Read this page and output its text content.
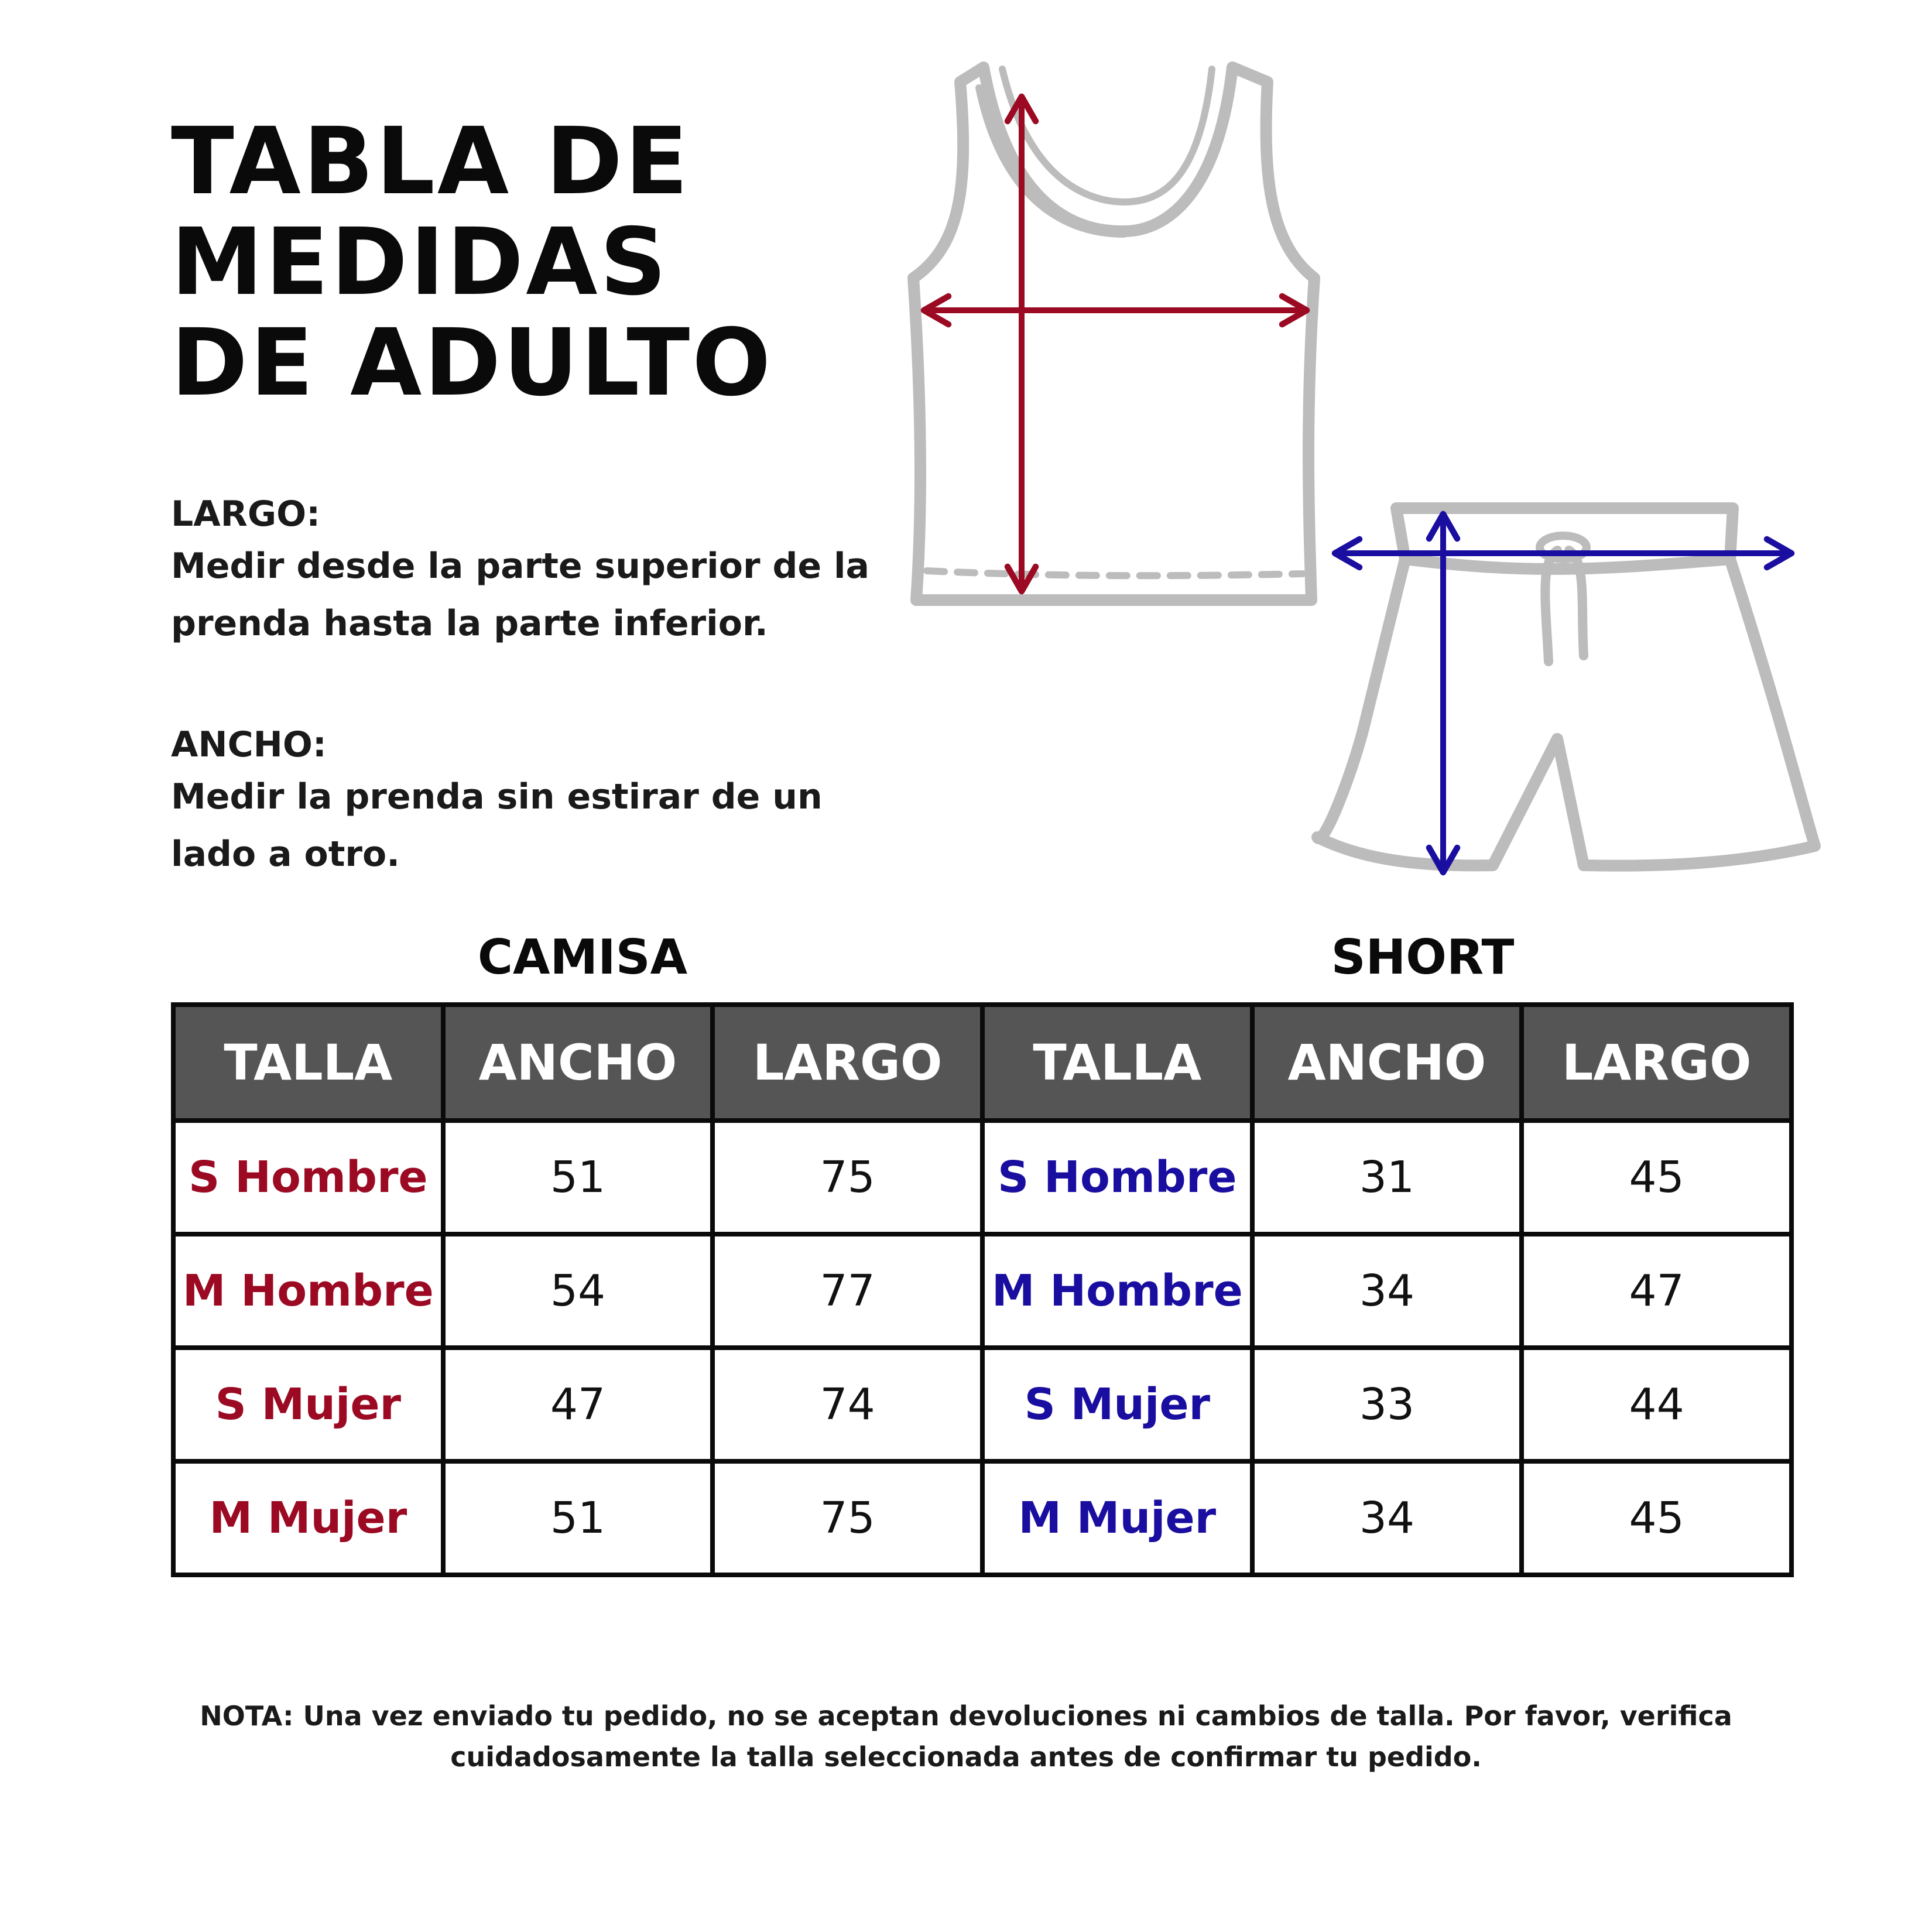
TABLA DE
MEDIDAS
DE ADULTO
LARGO:
Medir desde la parte superior de la prenda hasta la parte inferior.
ANCHO:
Medir la prenda sin estirar de un lado a otro.
CAMISA	SHORT
TALLA	ANCHO	LARGO	TALLA	ANCHO	LARGO
S Hombre	51	75	S Hombre	31	45
M Hombre	54	77	M Hombre	34	47
S Mujer	47	74	S Mujer	33	44
M Mujer	51	75	M Mujer	34	45

NOTA: Una vez enviado tu pedido, no se aceptan devoluciones ni cambios de talla. Por favor, verifica cuidadosamente la talla seleccionada antes de confirmar tu pedido.
